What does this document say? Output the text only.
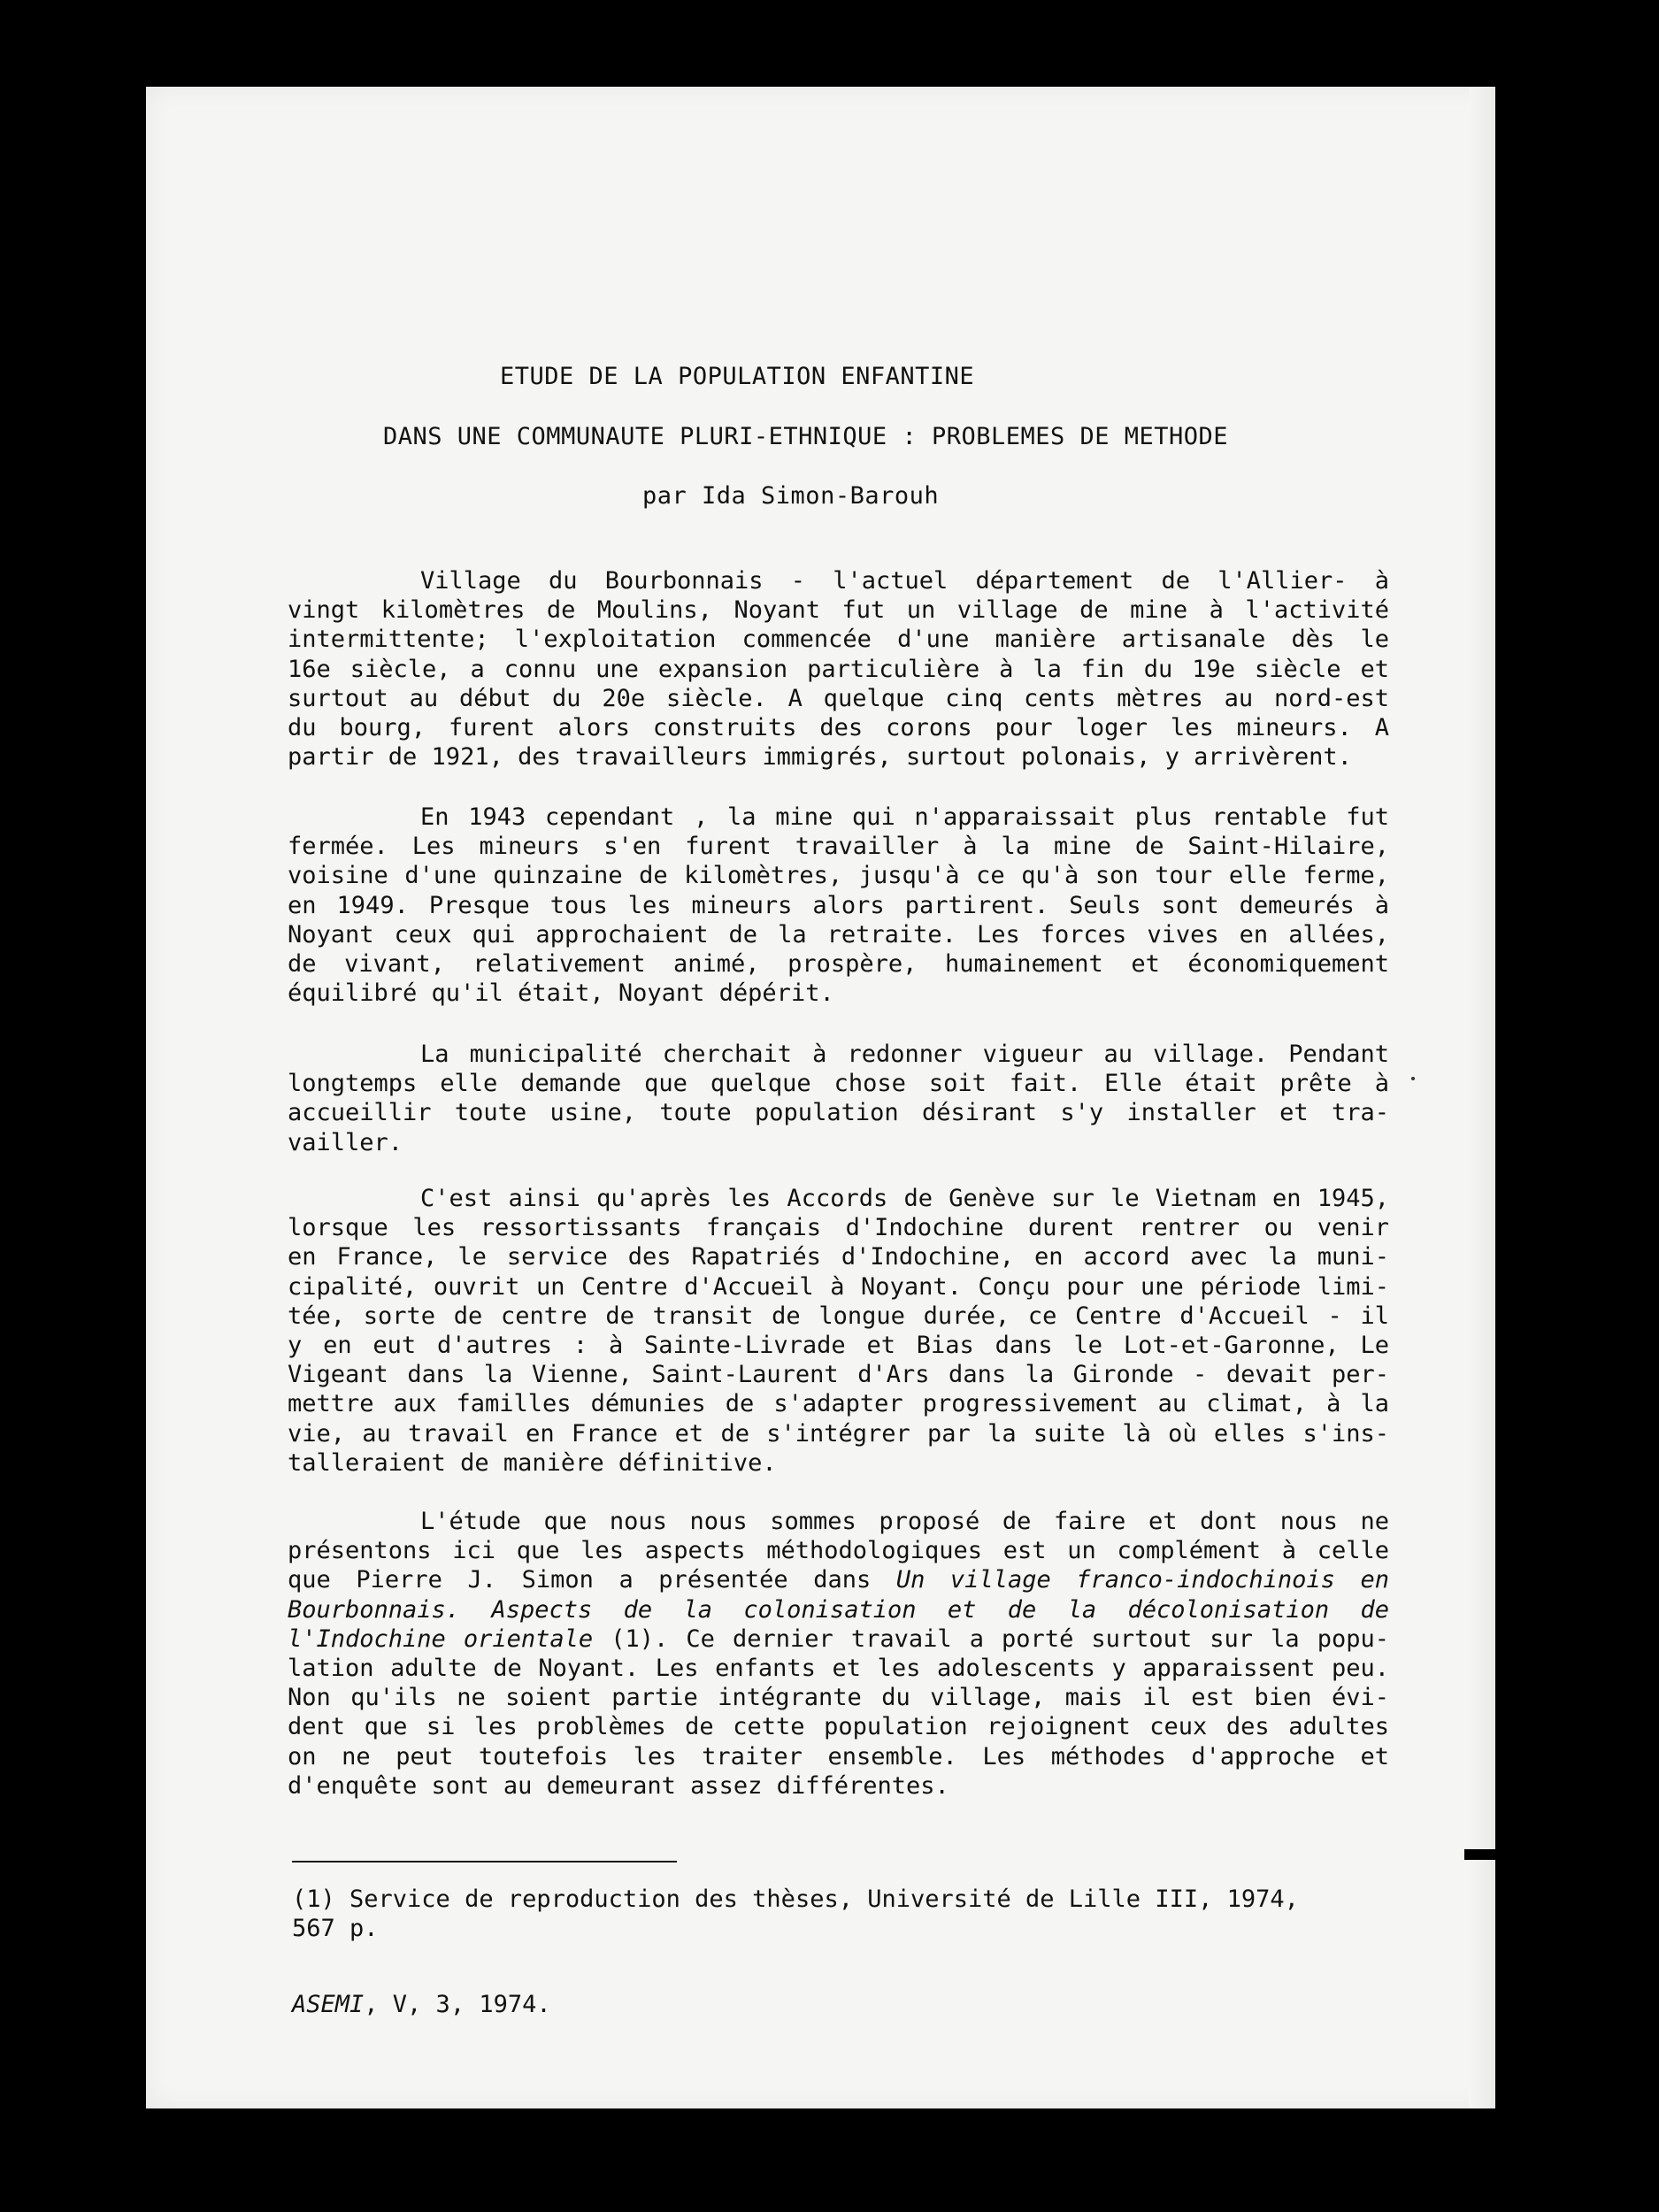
ETUDE DE LA POPULATION ENFANTINE
DANS UNE COMMUNAUTE PLURI-ETHNIQUE : PROBLEMES DE METHODE
par Ida Simon-Barouh
Village du Bourbonnais - l'actuel département de l'Allier- à
vingt kilomètres de Moulins, Noyant fut un village de mine à l'activité
intermittente; l'exploitation commencée d'une manière artisanale dès le
16e siècle, a connu une expansion particulière à la fin du 19e siècle et
surtout au début du 20e siècle. A quelque cinq cents mètres au nord-est
du bourg, furent alors construits des corons pour loger les mineurs. A
partir de 1921, des travailleurs immigrés, surtout polonais, y arrivèrent.
En 1943 cependant , la mine qui n'apparaissait plus rentable fut
fermée. Les mineurs s'en furent travailler à la mine de Saint-Hilaire,
voisine d'une quinzaine de kilomètres, jusqu'à ce qu'à son tour elle ferme,
en 1949. Presque tous les mineurs alors partirent. Seuls sont demeurés à
Noyant ceux qui approchaient de la retraite. Les forces vives en allées,
de vivant, relativement animé, prospère, humainement et économiquement
équilibré qu'il était, Noyant dépérit.
La municipalité cherchait à redonner vigueur au village. Pendant
longtemps elle demande que quelque chose soit fait. Elle était prête à
accueillir toute usine, toute population désirant s'y installer et tra-
vailler.
C'est ainsi qu'après les Accords de Genève sur le Vietnam en 1945,
lorsque les ressortissants français d'Indochine durent rentrer ou venir
en France, le service des Rapatriés d'Indochine, en accord avec la muni-
cipalité, ouvrit un Centre d'Accueil à Noyant. Conçu pour une période limi-
tée, sorte de centre de transit de longue durée, ce Centre d'Accueil - il
y en eut d'autres : à Sainte-Livrade et Bias dans le Lot-et-Garonne, Le
Vigeant dans la Vienne, Saint-Laurent d'Ars dans la Gironde - devait per-
mettre aux familles démunies de s'adapter progressivement au climat, à la
vie, au travail en France et de s'intégrer par la suite là où elles s'ins-
talleraient de manière définitive.
L'étude que nous nous sommes proposé de faire et dont nous ne
présentons ici que les aspects méthodologiques est un complément à celle
que Pierre J. Simon a présentée dans Un village franco-indochinois en
Bourbonnais. Aspects de la colonisation et de la décolonisation de
l'Indochine orientale (1). Ce dernier travail a porté surtout sur la popu-
lation adulte de Noyant. Les enfants et les adolescents y apparaissent peu.
Non qu'ils ne soient partie intégrante du village, mais il est bien évi-
dent que si les problèmes de cette population rejoignent ceux des adultes
on ne peut toutefois les traiter ensemble. Les méthodes d'approche et
d'enquête sont au demeurant assez différentes.
(1) Service de reproduction des thèses, Université de Lille III, 1974,
567 p.
ASEMI, V, 3, 1974.
